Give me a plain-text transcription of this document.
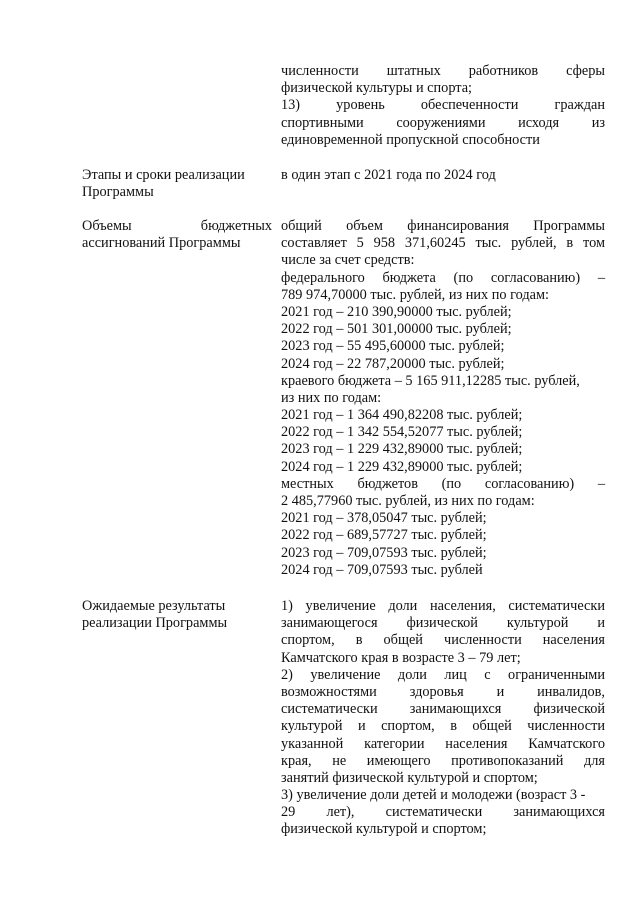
численности штатных работников сферы
физической культуры и спорта;
13) уровень обеспеченности граждан
спортивными сооружениями исходя из
единовременной пропускной способности
Этапы и сроки реализации
Программы
в один этап с 2021 года по 2024 год
Объемы бюджетных
ассигнований Программы
общий объем финансирования Программы
составляет 5 958 371,60245 тыс. рублей, в том
числе за счет средств:
федерального бюджета (по согласованию) –
789 974,70000 тыс. рублей, из них по годам:
2021 год – 210 390,90000 тыс. рублей;
2022 год – 501 301,00000 тыс. рублей;
2023 год – 55 495,60000 тыс. рублей;
2024 год – 22 787,20000 тыс. рублей;
краевого бюджета – 5 165 911,12285 тыс. рублей,
из них по годам:
2021 год – 1 364 490,82208 тыс. рублей;
2022 год – 1 342 554,52077 тыс. рублей;
2023 год – 1 229 432,89000 тыс. рублей;
2024 год – 1 229 432,89000 тыс. рублей;
местных бюджетов (по согласованию) –
2 485,77960 тыс. рублей, из них по годам:
2021 год – 378,05047 тыс. рублей;
2022 год – 689,57727 тыс. рублей;
2023 год – 709,07593 тыс. рублей;
2024 год – 709,07593 тыс. рублей
Ожидаемые результаты
реализации Программы
1) увеличение доли населения, систематически
занимающегося физической культурой и
спортом, в общей численности населения
Камчатского края в возрасте 3 – 79 лет;
2) увеличение доли лиц с ограниченными
возможностями здоровья и инвалидов,
систематически занимающихся физической
культурой и спортом, в общей численности
указанной категории населения Камчатского
края, не имеющего противопоказаний для
занятий физической культурой и спортом;
3) увеличение доли детей и молодежи (возраст 3 -
29 лет), систематически занимающихся
физической культурой и спортом;
